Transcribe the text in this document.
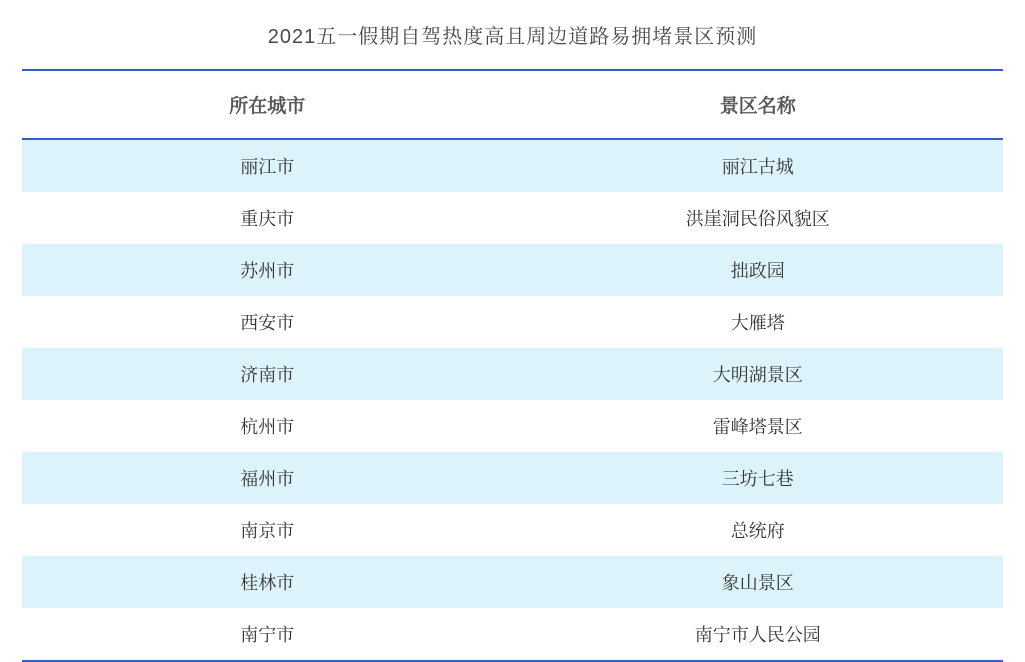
2021五一假期自驾热度高且周边道路易拥堵景区预测
所在城市	景区名称
丽江市	丽江古城
重庆市	洪崖洞民俗风貌区
苏州市	拙政园
西安市	大雁塔
济南市	大明湖景区
杭州市	雷峰塔景区
福州市	三坊七巷
南京市	总统府
桂林市	象山景区
南宁市	南宁市人民公园
